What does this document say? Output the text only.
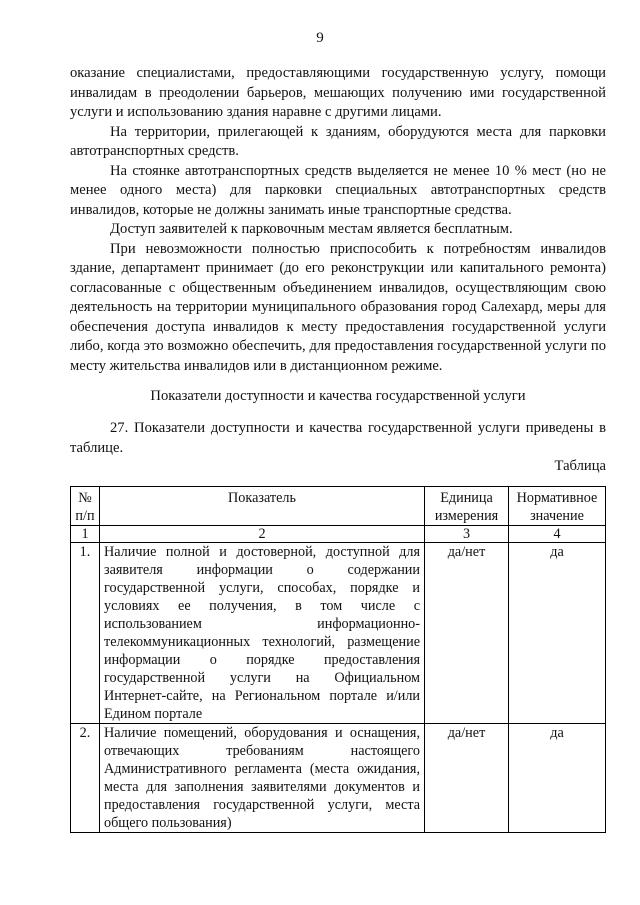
9

оказание специалистами, предоставляющими государственную услугу, помощи инвалидам в преодолении барьеров, мешающих получению ими государственной услуги и использованию здания наравне с другими лицами.

На территории, прилегающей к зданиям, оборудуются места для парковки автотранспортных средств.

На стоянке автотранспортных средств выделяется не менее 10 % мест (но не менее одного места) для парковки специальных автотранспортных средств инвалидов, которые не должны занимать иные транспортные средства.

Доступ заявителей к парковочным местам является бесплатным.

При невозможности полностью приспособить к потребностям инвалидов здание, департамент принимает (до его реконструкции или капитального ремонта) согласованные с общественным объединением инвалидов, осуществляющим свою деятельность на территории муниципального образования город Салехард, меры для обеспечения доступа инвалидов к месту предоставления государственной услуги либо, когда это возможно обеспечить, для предоставления государственной услуги по месту жительства инвалидов или в дистанционном режиме.

Показатели доступности и качества государственной услуги

27. Показатели доступности и качества государственной услуги приведены в таблице.

Таблица
№ п/п	Показатель	Единица измерения	Нормативное значение
1	2	3	4
1.	Наличие полной и достоверной, доступной для заявителя информации о содержании государственной услуги, способах, порядке и условиях ее получения, в том числе с использованием информационно-телекоммуникационных технологий, размещение информации о порядке предоставления государственной услуги на Официальном Интернет-сайте, на Региональном портале и/или Едином портале	да/нет	да
2.	Наличие помещений, оборудования и оснащения, отвечающих требованиям настоящего Административного регламента (места ожидания, места для заполнения заявителями документов и предоставления государственной услуги, места общего пользования)	да/нет	да
